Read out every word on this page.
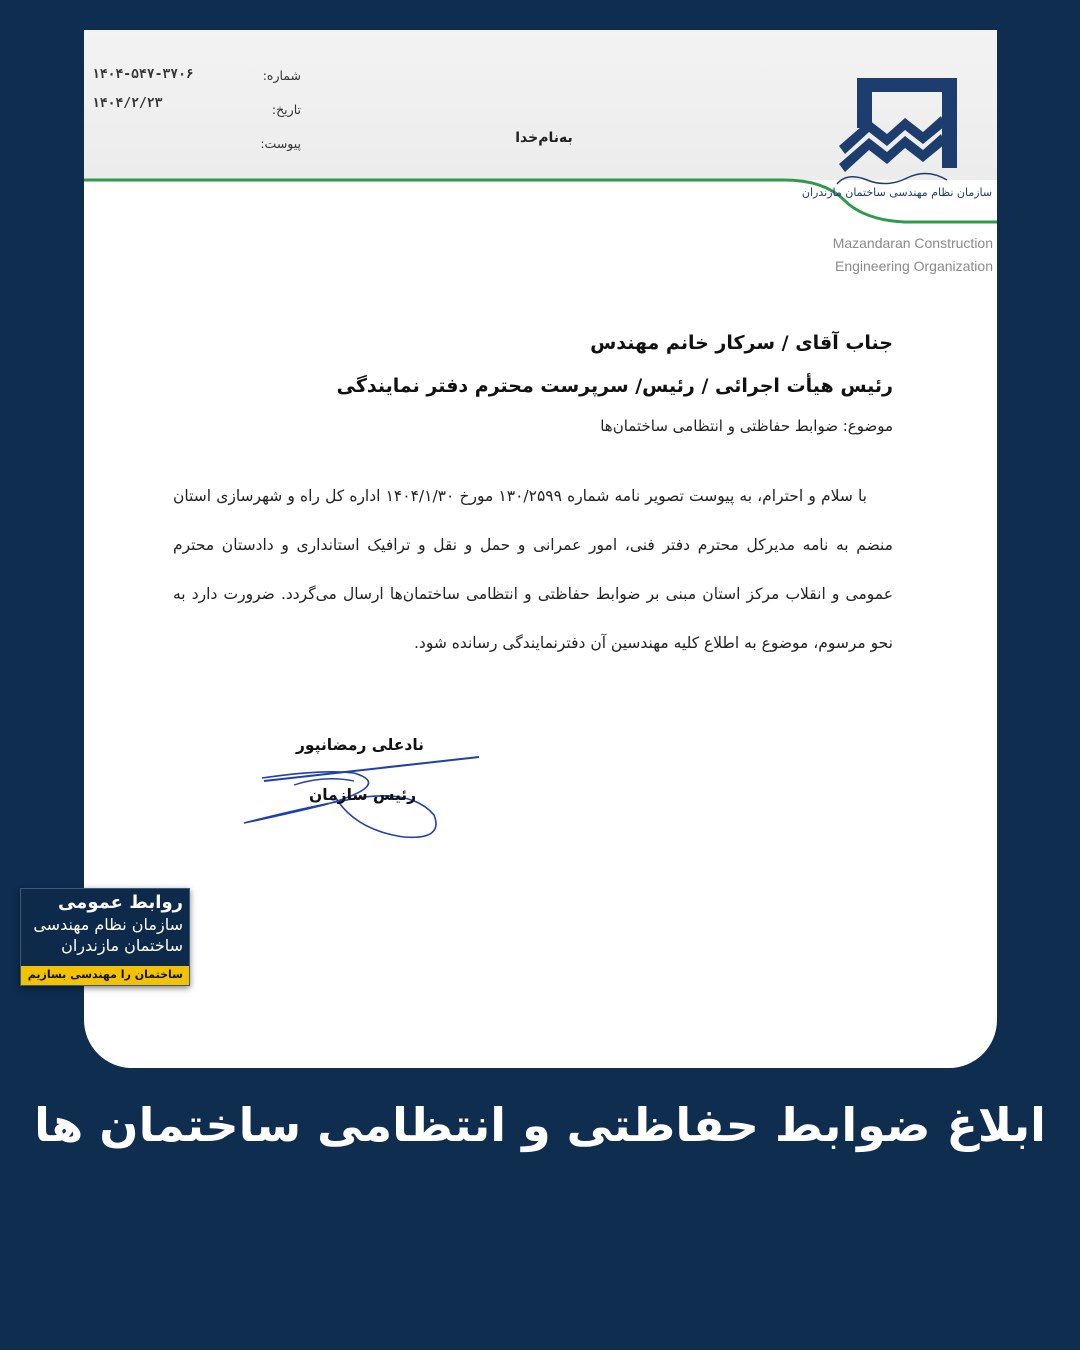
شماره:
تاریخ:
پیوست:
۱۴۰۴-۵۴۷-۳۷۰۶
۱۴۰۴/۲/۲۳
به‌نام‌خدا
سازمان نظام مهندسی ساختمان مازندران
Mazandaran Construction
Engineering Organization
جناب آقای / سرکار خانم مهندس
رئیس هیأت اجرائی / رئیس/ سرپرست محترم دفتر نمایندگی
موضوع: ضوابط حفاظتی و انتظامی ساختمان‌ها

با سلام و احترام، به پیوست تصویر نامه شماره ۱۳۰/۲۵۹۹ مورخ ۱۴۰۴/۱/۳۰ اداره کل راه و شهرسازی استان منضم به نامه مدیرکل محترم دفتر فنی، امور عمرانی و حمل و نقل و ترافیک استانداری و دادستان محترم عمومی و انقلاب مرکز استان مبنی بر ضوابط حفاظتی و انتظامی ساختمان‌ها ارسال می‌گردد. ضرورت دارد به نحو مرسوم، موضوع به اطلاع کلیه مهندسین آن دفترنمایندگی رسانده شود.

نادعلی رمضانپور
رئیس سازمان
روابط عمومی
سازمان نظام مهندسی
ساختمان مازندران
ساختمان را مهندسی بسازیم
ابلاغ ضوابط حفاظتی و انتظامی ساختمان ها
